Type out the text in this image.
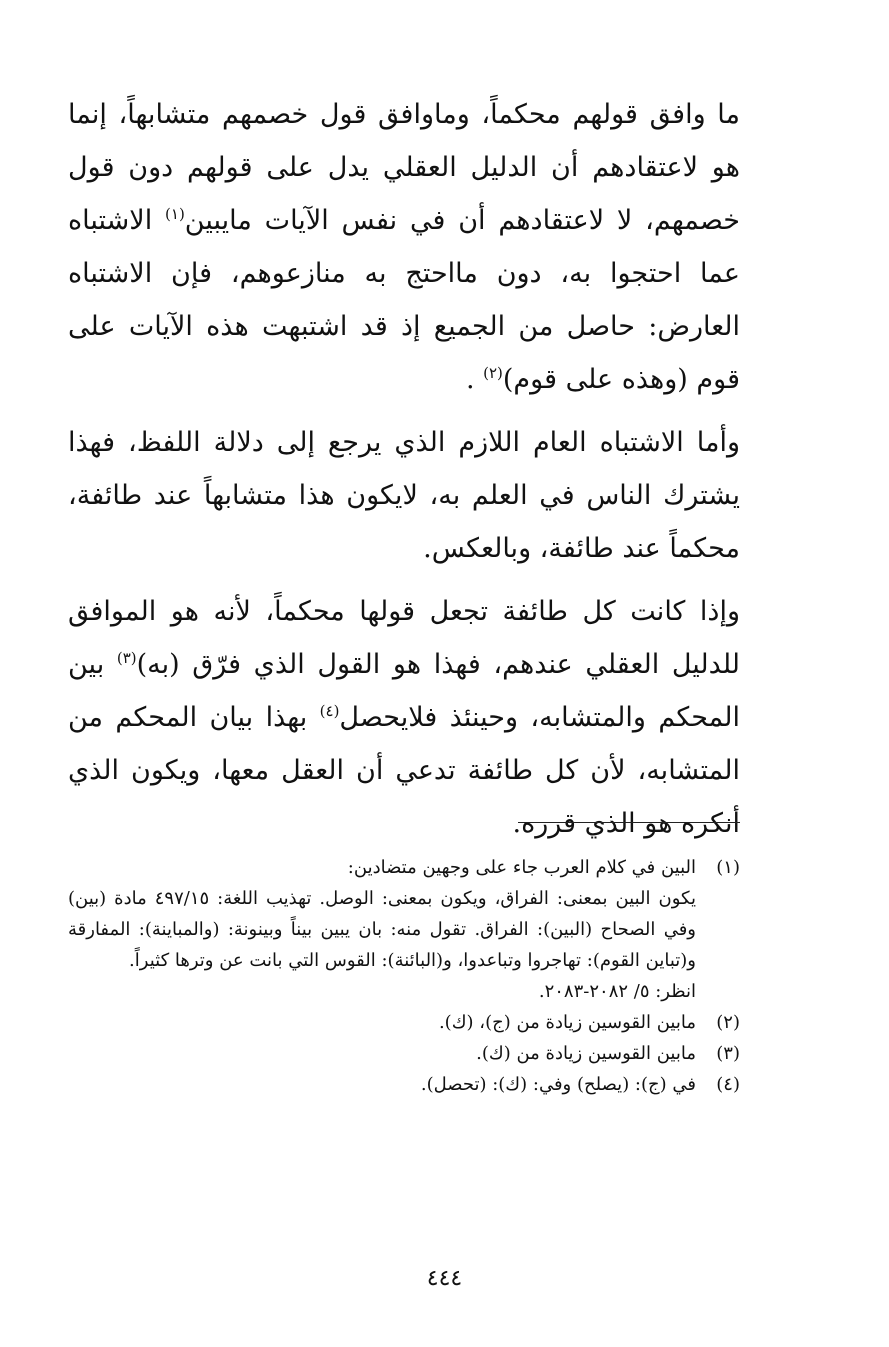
ما وافق قولهم محكماً، وماوافق قول خصمهم متشابهاً، إنما هو لاعتقادهم أن الدليل العقلي يدل على قولهم دون قول خصمهم، لا لاعتقادهم أن في نفس الآيات مايبين$^{(١)}$ الاشتباه عما احتجوا به، دون مااحتج به منازعوهم، فإن الاشتباه العارض: حاصل من الجميع إذ قد اشتبهت هذه الآيات على قوم (وهذه على قوم)$^{(٢)}$ .

وأما الاشتباه العام اللازم الذي يرجع إلى دلالة اللفظ، فهذا يشترك الناس في العلم به، لايكون هذا متشابهاً عند طائفة، محكماً عند طائفة، وبالعكس.

وإذا كانت كل طائفة تجعل قولها محكماً، لأنه هو الموافق للدليل العقلي عندهم، فهذا هو القول الذي فرّق (به)$^{(٣)}$ بين المحكم والمتشابه، وحينئذ فلايحصل$^{(٤)}$ بهذا بيان المحكم من المتشابه، لأن كل طائفة تدعي أن العقل معها، ويكون الذي أنكره هو الذي قرره.

(١)
البين في كلام العرب جاء على وجهين متضادين:
يكون البين بمعنى: الفراق، ويكون بمعنى: الوصل. تهذيب اللغة: ٤٩٧/١٥ مادة (بين) وفي الصحاح (البين): الفراق. تقول منه: بان يبين بيناً وبينونة: (والمباينة): المفارقة و(تباين القوم): تهاجروا وتباعدوا، و(البائنة): القوس التي بانت عن وترها كثيراً.
انظر: ٥/ ٢٠٨٢-٢٠٨٣.
(٢)
مابين القوسين زيادة من (ج)، (ك).
(٣)
مابين القوسين زيادة من (ك).
(٤)
في (ج): (يصلح) وفي: (ك): (تحصل).
٤٤٤
